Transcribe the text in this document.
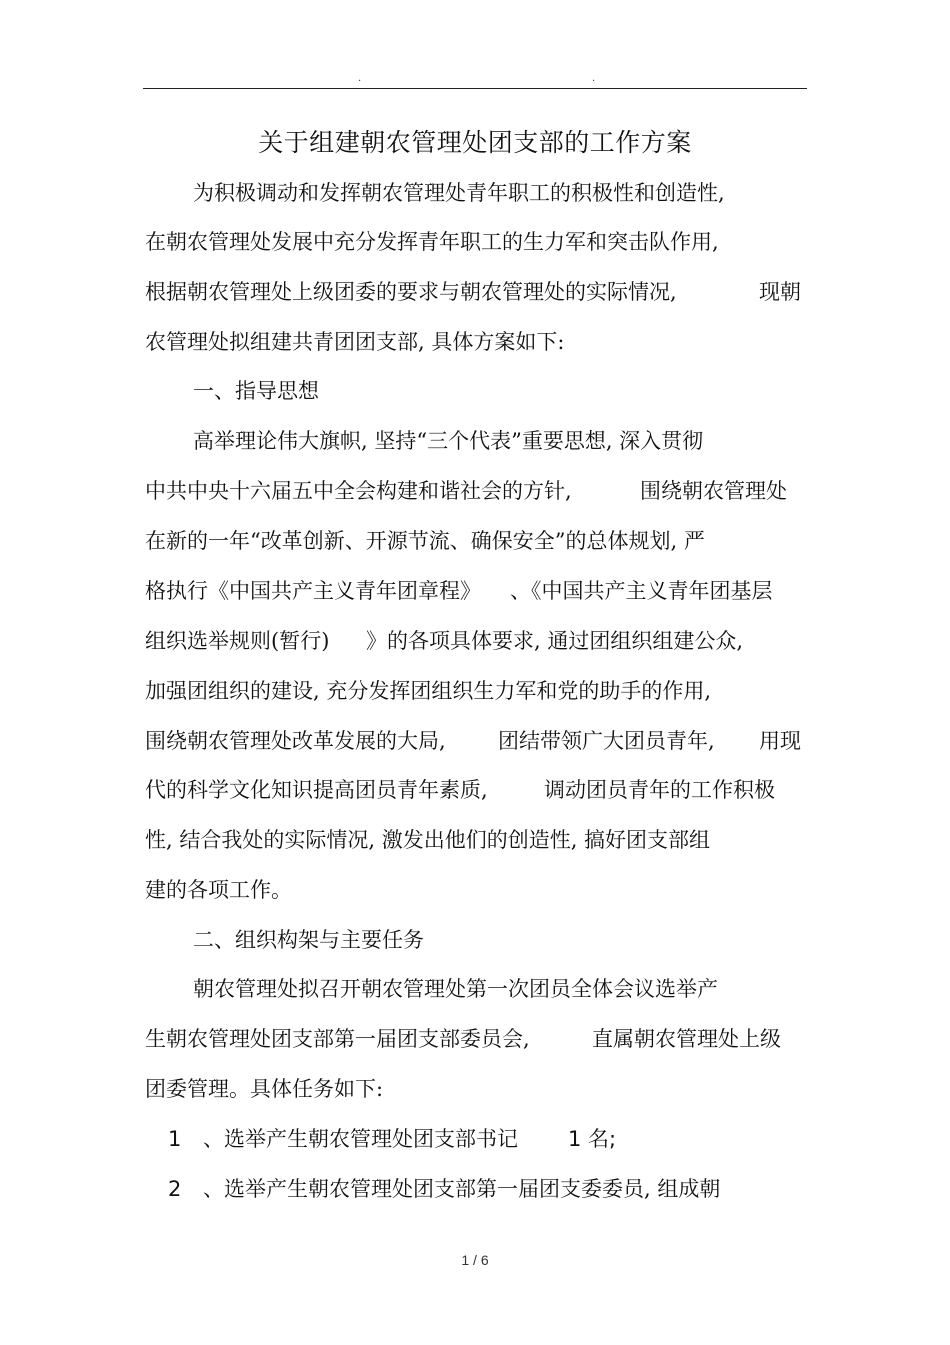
.	.
关于组建朝农管理处团支部的工作方案
为积极调动和发挥朝农管理处青年职工的积极性和创造性,
在朝农管理处发展中充分发挥青年职工的生力军和突击队作用,
根据朝农管理处上级团委的要求与朝农管理处的实际情况,	现朝
农管理处拟组建共青团团支部, 具体方案如下:
一、指导思想
高举理论伟大旗帜, 坚持“三个代表”重要思想, 深入贯彻
中共中央十六届五中全会构建和谐社会的方针,	围绕朝农管理处
在新的一年“改革创新、开源节流、确保安全”的总体规划, 严
格执行《中国共产主义青年团章程》 、《中国共产主义青年团基层
组织选举规则(暂行) 》的各项具体要求, 通过团组织组建公众,
加强团组织的建设, 充分发挥团组织生力军和党的助手的作用,
围绕朝农管理处改革发展的大局, 团结带领广大团员青年, 用现
代的科学文化知识提高团员青年素质,	调动团员青年的工作积极
性, 结合我处的实际情况, 激发出他们的创造性, 搞好团支部组
建的各项工作。
二、组织构架与主要任务
朝农管理处拟召开朝农管理处第一次团员全体会议选举产
生朝农管理处团支部第一届团支部委员会,	直属朝农管理处上级
团委管理。具体任务如下:
1 、选举产生朝农管理处团支部书记 1 名;
2 、选举产生朝农管理处团支部第一届团支委委员, 组成朝
1 / 6
